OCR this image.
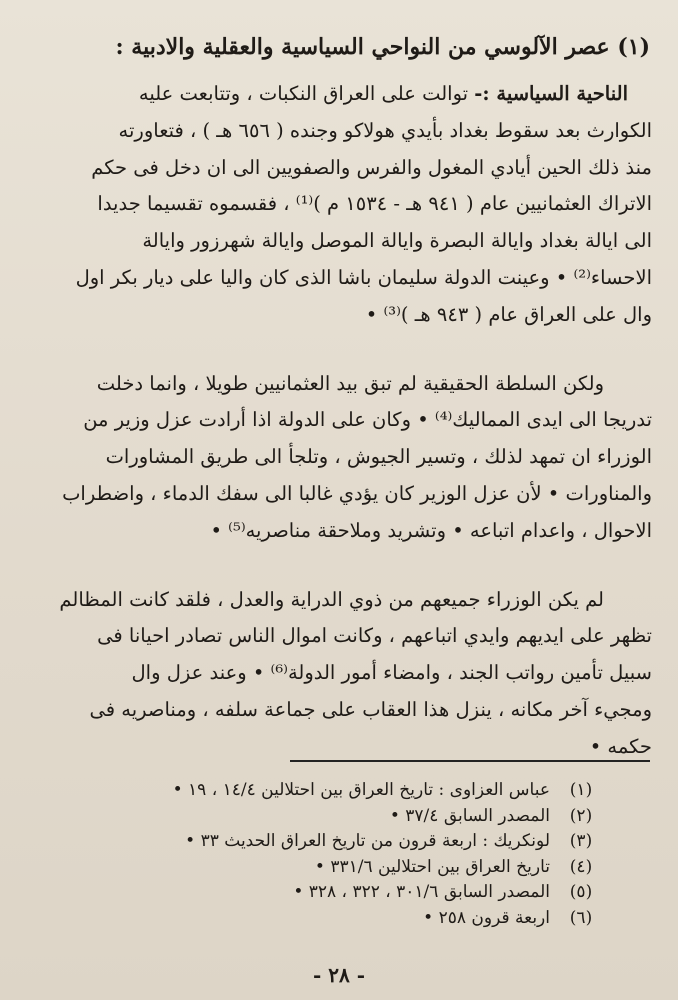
(١) عصر الآلوسي من النواحي السياسية والعقلية والادبية :

الناحية السياسية :- توالت على العراق النكبات ، وتتابعت عليه

الكوارث بعد سقوط بغداد بأيدي هولاكو وجنده ( ٦٥٦ هـ ) ، فتعاورته

منذ ذلك الحين أيادي المغول والفرس والصفويين الى ان دخل فى حكم

الاتراك العثمانيين عام ( ٩٤١ هـ - ١٥٣٤ م )⁽¹⁾ ، فقسموه تقسيما جديدا

الى ايالة بغداد وايالة البصرة وايالة الموصل وايالة شهرزور وايالة

الاحساء⁽²⁾ • وعينت الدولة سليمان باشا الذى كان واليا على ديار بكر اول

وال على العراق عام ( ٩٤٣ هـ )⁽³⁾ •

ولكن السلطة الحقيقية لم تبق بيد العثمانيين طويلا ، وانما دخلت

تدريجا الى ايدى المماليك⁽⁴⁾ • وكان على الدولة اذا أرادت عزل وزير من

الوزراء ان تمهد لذلك ، وتسير الجيوش ، وتلجأ الى طريق المشاورات

والمناورات • لأن عزل الوزير كان يؤدي غالبا الى سفك الدماء ، واضطراب

الاحوال ، واعدام اتباعه • وتشريد وملاحقة مناصريه⁽⁵⁾ •

لم يكن الوزراء جميعهم من ذوي الدراية والعدل ، فلقد كانت المظالم

تظهر على ايديهم وايدي اتباعهم ، وكانت اموال الناس تصادر احيانا فى

سبيل تأمين رواتب الجند ، وامضاء أمور الدولة⁽⁶⁾ • وعند عزل وال

ومجيء آخر مكانه ، ينزل هذا العقاب على جماعة سلفه ، ومناصريه فى

حكمه •

(١)
عباس العزاوى : تاريخ العراق بين احتلالين ١٤/٤ ، ١٩ •
(٢)
المصدر السابق ٣٧/٤ •
(٣)
لونكريك : اربعة قرون من تاريخ العراق الحديث ٣٣ •
(٤)
تاريخ العراق بين احتلالين ٣٣١/٦ •
(٥)
المصدر السابق ٣٠١/٦ ، ٣٢٢ ، ٣٢٨ •
(٦)
اربعة قرون ٢٥٨ •
- ٢٨ -
